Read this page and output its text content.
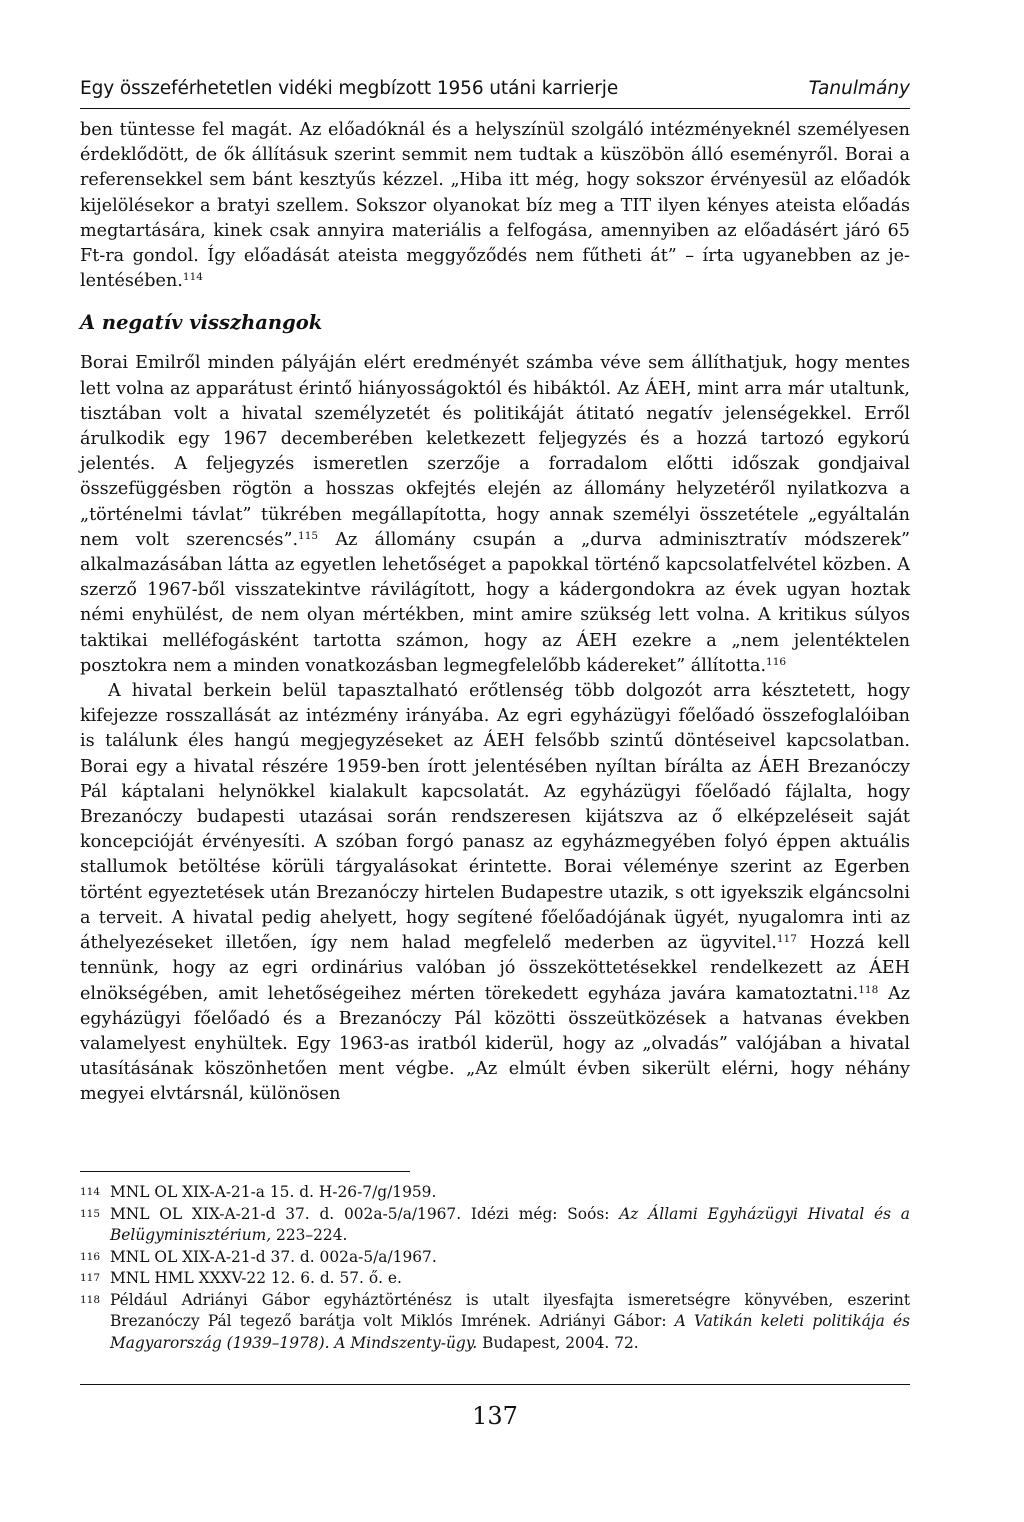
Egy összeférhetetlen vidéki megbízott 1956 utáni karrierje	Tanulmány

ben tüntesse fel magát. Az előadóknál és a helyszínül szolgáló intézményeknél személyesen érdeklődött, de ők állításuk szerint semmit nem tudtak a küszöbön álló eseményről. Borai a referensekkel sem bánt kesztyűs kézzel. „Hiba itt még, hogy sokszor érvényesül az előadók kijelölésekor a bratyi szellem. Sokszor olyanokat bíz meg a TIT ilyen kényes ateista előadás megtartására, kinek csak annyira materiális a felfogása, amennyiben az előadásért járó 65 Ft-ra gondol. Így előadását ateista meggyőződés nem fűtheti át” – írta ugyanebben az je-lentésében.$^{114}$

A negatív visszhangok

Borai Emilről minden pályáján elért eredményét számba véve sem állíthatjuk, hogy mentes lett volna az apparátust érintő hiányosságoktól és hibáktól. Az ÁEH, mint arra már utaltunk, tisztában volt a hivatal személyzetét és politikáját átitató negatív jelenségekkel. Erről árulkodik egy 1967 decemberében keletkezett feljegyzés és a hozzá tartozó egykorú jelentés. A feljegyzés ismeretlen szerzője a forradalom előtti időszak gondjaival összefüggésben rögtön a hosszas okfejtés elején az állomány helyzetéről nyilatkozva a „történelmi távlat” tükrében megállapította, hogy annak személyi összetétele „egyáltalán nem volt szerencsés”.$^{115}$ Az állomány csupán a „durva adminisztratív módszerek” alkalmazásában látta az egyetlen lehetőséget a papokkal történő kapcsolatfelvétel közben. A szerző 1967-ből visszatekintve rávilágított, hogy a kádergondokra az évek ugyan hoztak némi enyhülést, de nem olyan mértékben, mint amire szükség lett volna. A kritikus súlyos taktikai melléfogásként tartotta számon, hogy az ÁEH ezekre a „nem jelentéktelen posztokra nem a minden vonatkozásban legmegfelelőbb kádereket” állította.$^{116}$

A hivatal berkein belül tapasztalható erőtlenség több dolgozót arra késztetett, hogy kifejezze rosszallását az intézmény irányába. Az egri egyházügyi főelőadó összefoglalóiban is találunk éles hangú megjegyzéseket az ÁEH felsőbb szintű döntéseivel kapcsolatban. Borai egy a hivatal részére 1959-ben írott jelentésében nyíltan bírálta az ÁEH Brezanóczy Pál káptalani helynökkel kialakult kapcsolatát. Az egyházügyi főelőadó fájlalta, hogy Brezanóczy budapesti utazásai során rendszeresen kijátszva az ő elképzeléseit saját koncepcióját érvényesíti. A szóban forgó panasz az egyházmegyében folyó éppen aktuális stallumok betöltése körüli tárgyalásokat érintette. Borai véleménye szerint az Egerben történt egyeztetések után Brezanóczy hirtelen Budapestre utazik, s ott igyekszik elgáncsolni a terveit. A hivatal pedig ahelyett, hogy segítené főelőadójának ügyét, nyugalomra inti az áthelyezéseket illetően, így nem halad megfelelő mederben az ügyvitel.$^{117}$ Hozzá kell tennünk, hogy az egri ordinárius valóban jó összeköttetésekkel rendelkezett az ÁEH elnökségében, amit lehetőségeihez mérten törekedett egyháza javára kamatoztatni.$^{118}$ Az egyházügyi főelőadó és a Brezanóczy Pál közötti összeütközések a hatvanas években valamelyest enyhültek. Egy 1963-as iratból kiderül, hogy az „olvadás” valójában a hivatal utasításának köszönhetően ment végbe. „Az elmúlt évben sikerült elérni, hogy néhány megyei elvtársnál, különösen

114 MNL OL XIX-A-21-a 15. d. H-26-7/g/1959.
115 MNL OL XIX-A-21-d 37. d. 002a-5/a/1967. Idézi még: Soós: Az Állami Egyházügyi Hivatal és a Belügyminisztérium, 223–224.
116 MNL OL XIX-A-21-d 37. d. 002a-5/a/1967.
117 MNL HML XXXV-22 12. 6. d. 57. ő. e.
118 Például Adriányi Gábor egyháztörténész is utalt ilyesfajta ismeretségre könyvében, eszerint Brezanóczy Pál tegező barátja volt Miklós Imrének. Adriányi Gábor: A Vatikán keleti politikája és Magyarország (1939–1978). A Mindszenty-ügy. Budapest, 2004. 72.
137
